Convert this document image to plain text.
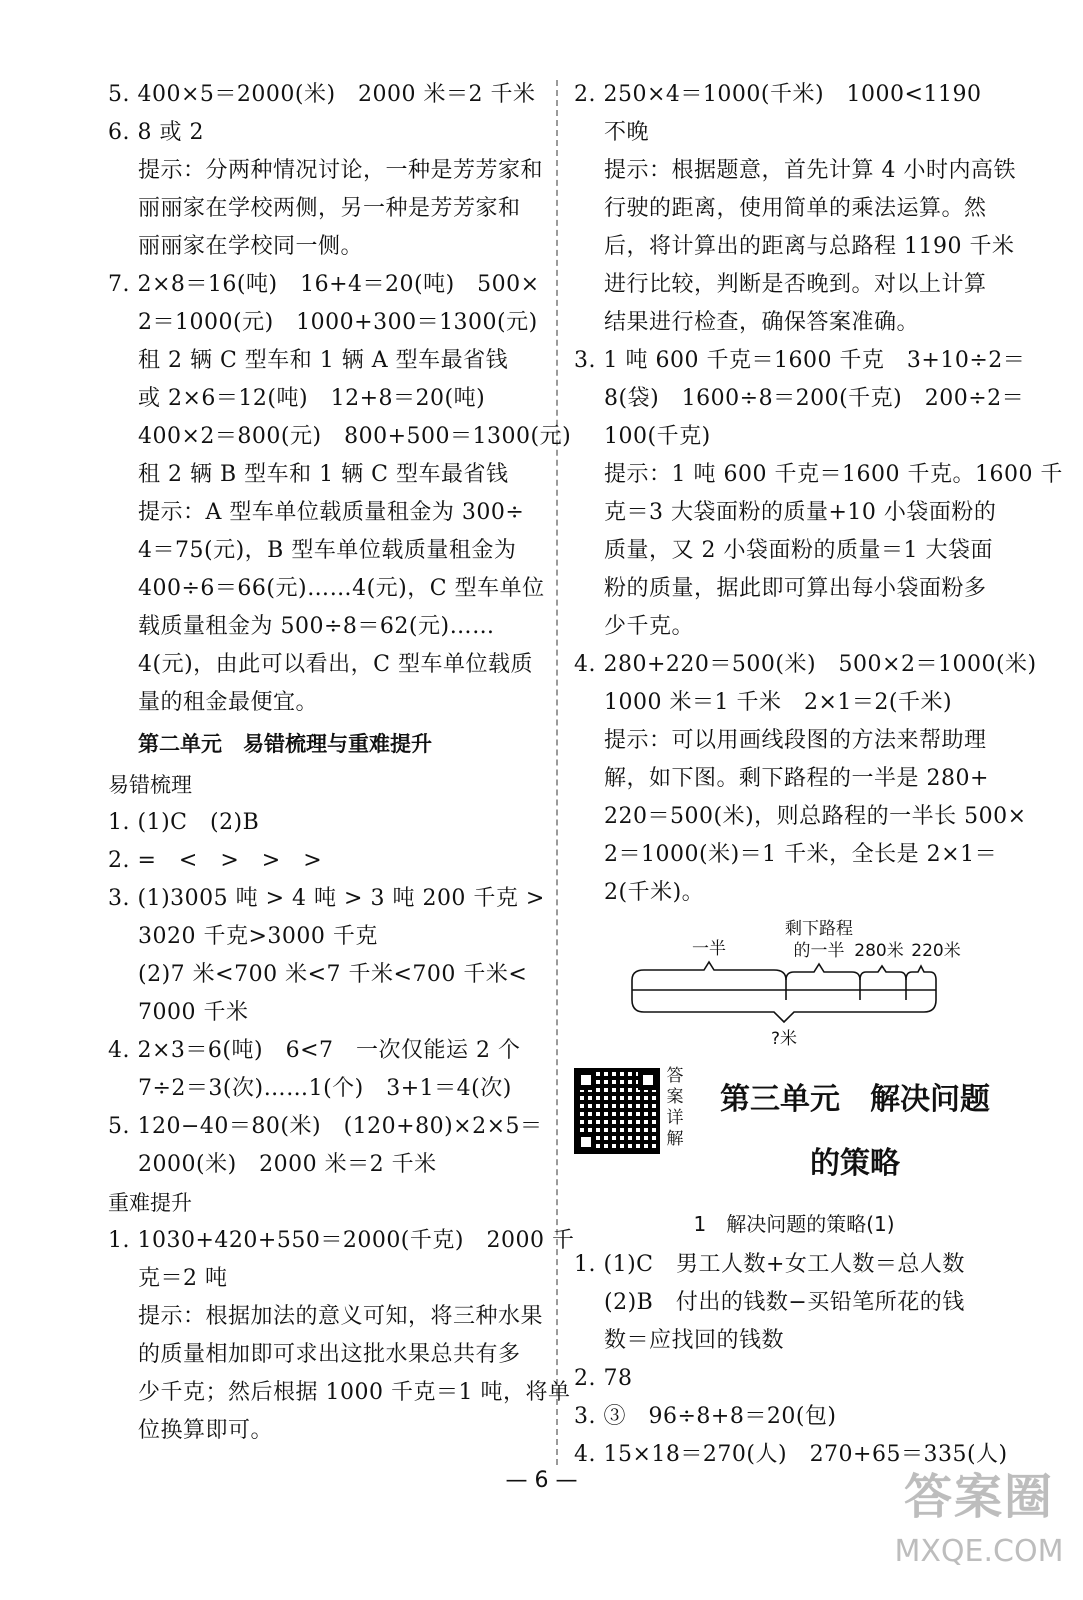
5. 400×5＝2000(米)　2000 米＝2 千米
6. 8 或 2
提示：分两种情况讨论，一种是芳芳家和
丽丽家在学校两侧，另一种是芳芳家和
丽丽家在学校同一侧。
7. 2×8＝16(吨)　16+4＝20(吨)　500×
2＝1000(元)　1000+300＝1300(元)
租 2 辆 C 型车和 1 辆 A 型车最省钱
或 2×6＝12(吨)　12+8＝20(吨)
400×2＝800(元)　800+500＝1300(元)
租 2 辆 B 型车和 1 辆 C 型车最省钱
提示：A 型车单位载质量租金为 300÷
4＝75(元)，B 型车单位载质量租金为
400÷6＝66(元)……4(元)，C 型车单位
载质量租金为 500÷8＝62(元)……
4(元)，由此可以看出，C 型车单位载质
量的租金最便宜。
第二单元　易错梳理与重难提升
易错梳理
1. (1)C　(2)B
2. =　<　>　>　>
3. (1)3005 吨 > 4 吨 > 3 吨 200 千克 >
3020 千克>3000 千克
(2)7 米<700 米<7 千米<700 千米<
7000 千米
4. 2×3＝6(吨)　6<7　一次仅能运 2 个
7÷2＝3(次)……1(个)　3+1＝4(次)
5. 120−40＝80(米)　(120+80)×2×5＝
2000(米)　2000 米＝2 千米
重难提升
1. 1030+420+550＝2000(千克)　2000 千
克＝2 吨
提示：根据加法的意义可知，将三种水果
的质量相加即可求出这批水果总共有多
少千克；然后根据 1000 千克＝1 吨，将单
位换算即可。
2. 250×4＝1000(千米)　1000<1190
不晚
提示：根据题意，首先计算 4 小时内高铁
行驶的距离，使用简单的乘法运算。然
后，将计算出的距离与总路程 1190 千米
进行比较，判断是否晚到。对以上计算
结果进行检查，确保答案准确。
3. 1 吨 600 千克＝1600 千克　3+10÷2＝
8(袋)　1600÷8＝200(千克)　200÷2＝
100(千克)
提示：1 吨 600 千克＝1600 千克。1600 千
克＝3 大袋面粉的质量+10 小袋面粉的
质量，又 2 小袋面粉的质量＝1 大袋面
粉的质量，据此即可算出每小袋面粉多
少千克。
4. 280+220＝500(米)　500×2＝1000(米)
1000 米＝1 千米　2×1＝2(千米)
提示：可以用画线段图的方法来帮助理
解，如下图。剩下路程的一半是 280+
220＝500(米)，则总路程的一半长 500×
2＝1000(米)＝1 千米，全长是 2×1＝
2(千米)。
一半
剩下路程
的一半 280米 220米
?米
答
案
详
解
第三单元　解决问题
的策略
1　解决问题的策略(1)
1. (1)C　男工人数+女工人数＝总人数
(2)B　付出的钱数−买铅笔所花的钱
数＝应找回的钱数
2. 78
3. ③　96÷8+8＝20(包)
4. 15×18＝270(人)　270+65＝335(人)
— 6 —	答案圈
MXQE.COM
